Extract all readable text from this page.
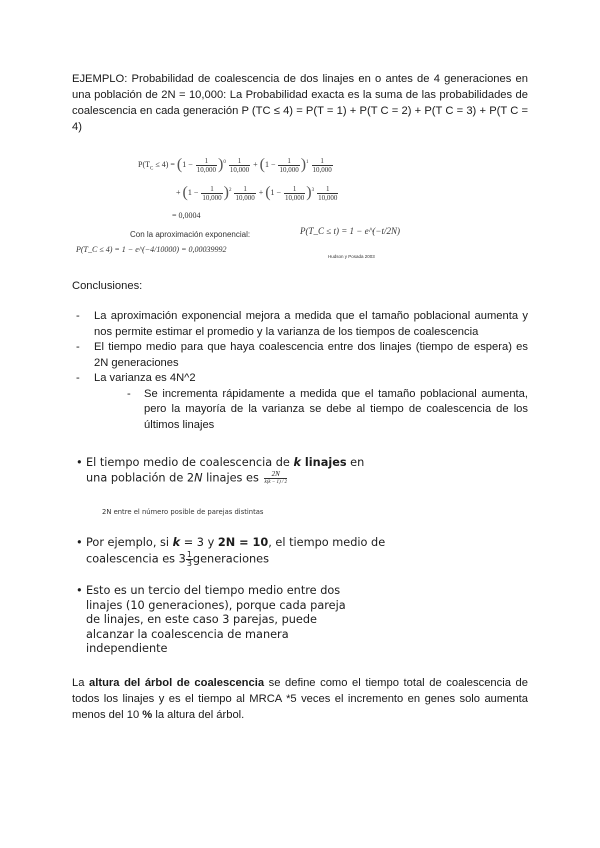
EJEMPLO: Probabilidad de coalescencia de dos linajes en o antes de 4 generaciones en una población de 2N = 10,000: La Probabilidad exacta es la suma de las probabilidades de coalescencia en cada generación P (TC ≤ 4) = P(T = 1) + P(T C = 2) + P(T C = 3) + P(T C = 4)
$P(T_C \le 4) = (1 - \frac{1}{10,000} )^0 \frac{1}{10,000} + (1 - \frac{1}{10,000} )^1 \frac{1}{10,000}$
+ $(1 - \frac{1}{10,000} )^2 \frac{1}{10,000} + (1 - \frac{1}{10,000} )^3 \frac{1}{10,000}$
= 0,0004
Con la aproximación exponencial:
P(T_C ≤ 4) = 1 − e^(−4/10000) = 0,00039992
P(T_C ≤ t) = 1 − e^(−t/2N)
Hudson y Posada 2003
Conclusiones:
- La aproximación exponencial mejora a medida que el tamaño poblacional aumenta y nos permite estimar el promedio y la varianza de los tiempos de coalescencia
- El tiempo medio para que haya coalescencia entre dos linajes (tiempo de espera) es 2N generaciones
- La varianza es 4N^2
- Se incrementa rápidamente a medida que el tamaño poblacional aumenta, pero la mayoría de la varianza se debe al tiempo de coalescencia de los últimos linajes
• El tiempo medio de coalescencia de k linajes en
una población de 2N linajes es	2N
k(k − 1) / 2
2N entre el número posible de parejas distintas
• Por ejemplo, si k = 3 y 2N = 10, el tiempo medio de
coalescencia es $3 \frac{1}{3}generaciones$
• Esto es un tercio del tiempo medio entre dos linajes (10 generaciones), porque cada pareja de linajes, en este caso 3 parejas, puede alcanzar la coalescencia de manera independiente
La altura del árbol de coalescencia se define como el tiempo total de coalescencia de todos los linajes y es el tiempo al MRCA *5 veces el incremento en genes solo aumenta menos del 10 % la altura del árbol.
